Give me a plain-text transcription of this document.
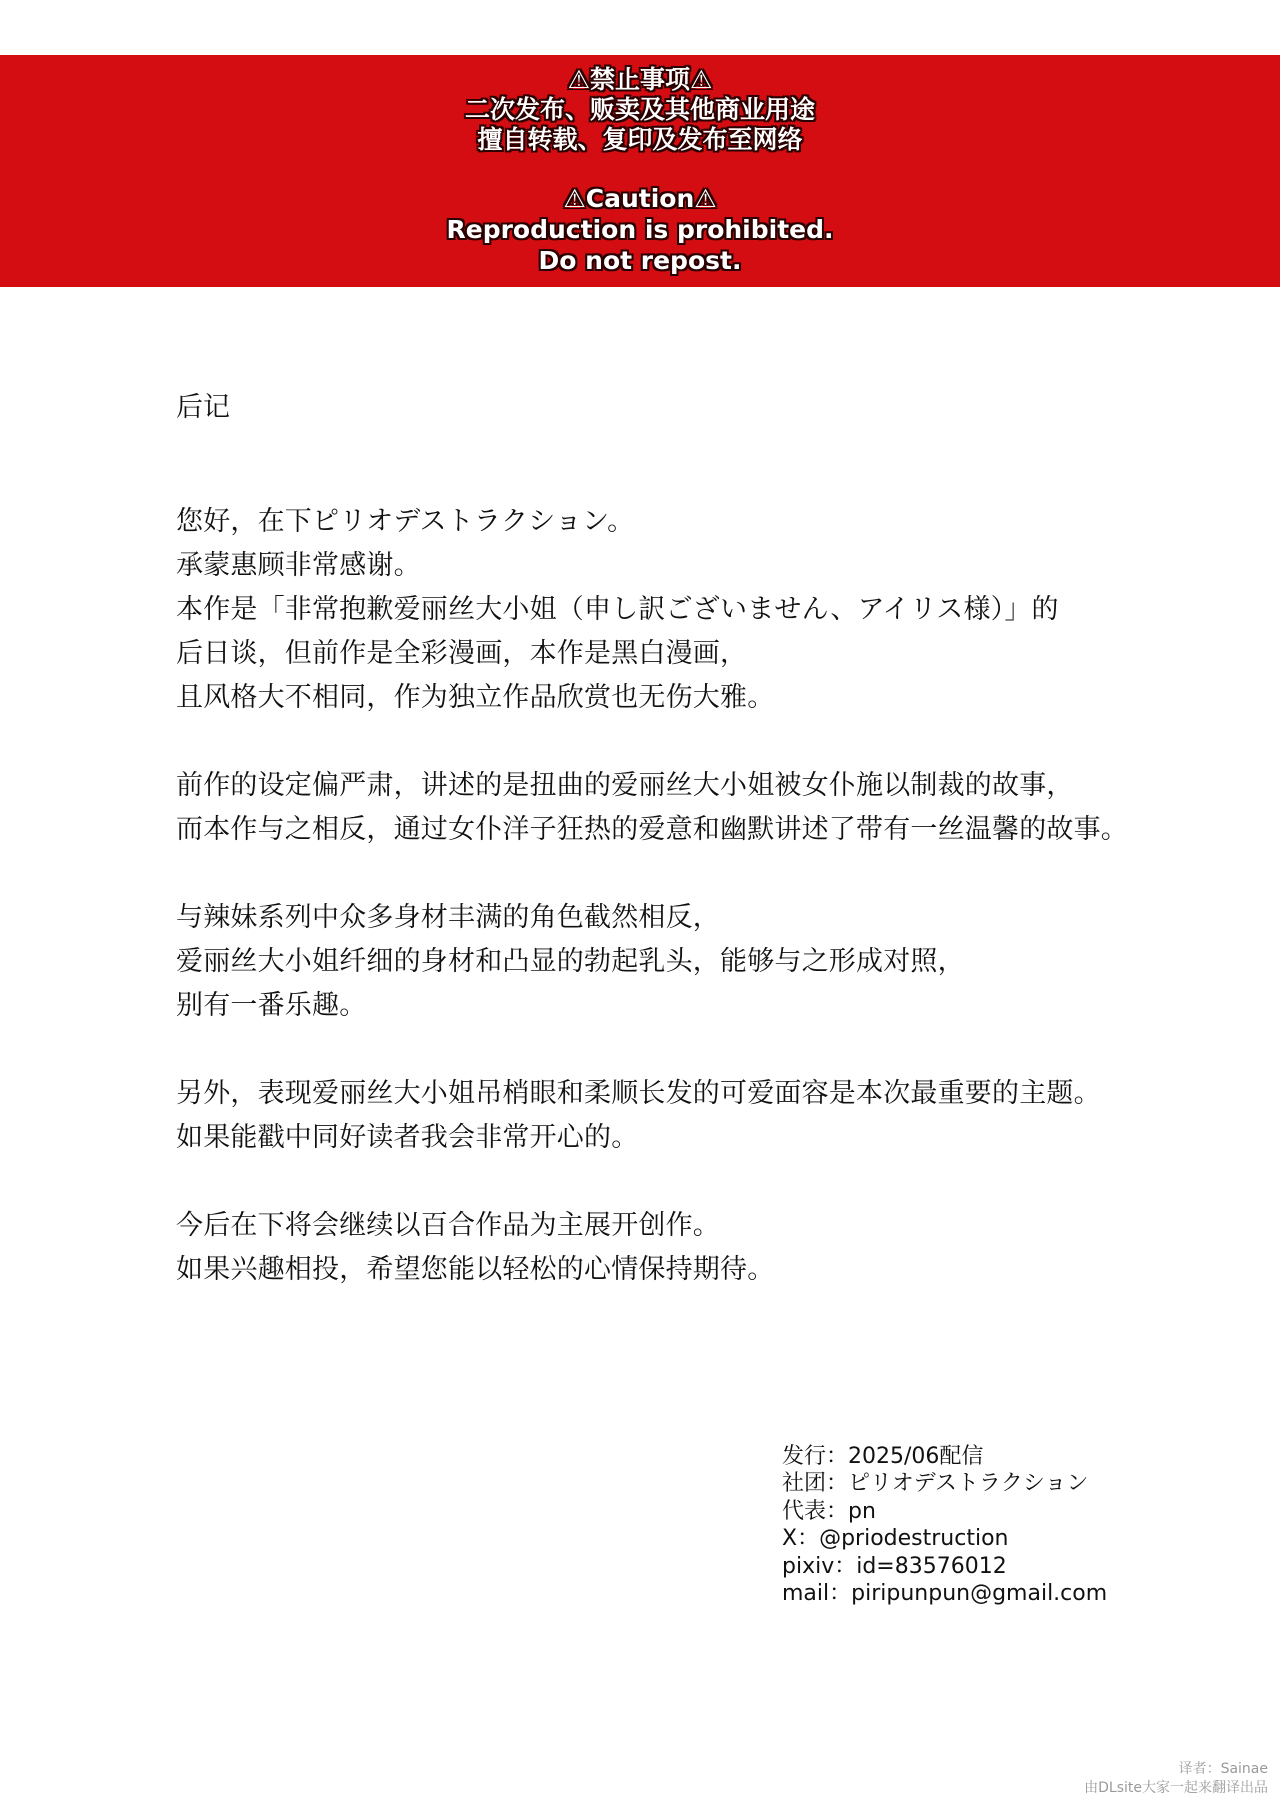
⚠禁止事项⚠
二次发布、贩卖及其他商业用途
擅自转载、复印及发布至网络
⚠Caution⚠
Reproduction is prohibited.
Do not repost.
后记

您好，在下ピリオデストラクション。
承蒙惠顾非常感谢。
本作是「非常抱歉爱丽丝大小姐（申し訳ございません、アイリス様）」的
后日谈，但前作是全彩漫画，本作是黑白漫画，
且风格大不相同，作为独立作品欣赏也无伤大雅。

前作的设定偏严肃，讲述的是扭曲的爱丽丝大小姐被女仆施以制裁的故事，
而本作与之相反，通过女仆洋子狂热的爱意和幽默讲述了带有一丝温馨的故事。

与辣妹系列中众多身材丰满的角色截然相反，
爱丽丝大小姐纤细的身材和凸显的勃起乳头，能够与之形成对照，
别有一番乐趣。

另外，表现爱丽丝大小姐吊梢眼和柔顺长发的可爱面容是本次最重要的主题。
如果能戳中同好读者我会非常开心的。

今后在下将会继续以百合作品为主展开创作。
如果兴趣相投，希望您能以轻松的心情保持期待。

发行：2025/06配信
社团：ピリオデストラクション
代表：pn
X：@priodestruction
pixiv：id=83576012
mail：piripunpun@gmail.com
译者：Sainae
由DLsite大家一起来翻译出品
